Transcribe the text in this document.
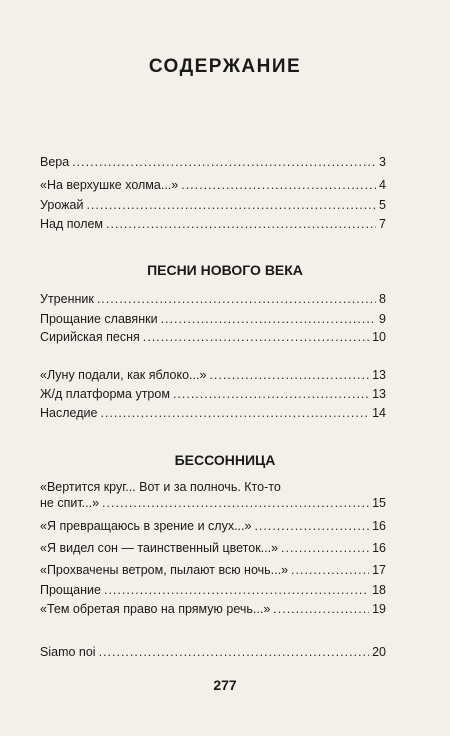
СОДЕРЖАНИЕ
Вера .....	3
«На верхушке холма...» .....	4
Урожай .....	5
Над полем .....	7
ПЕСНИ НОВОГО ВЕКА
Утренник .....	8
Прощание славянки .....	9
Сирийская песня .....	10
«Луну подали, как яблоко...» .....	13
Ж/д платформа утром .....	13
Наследие .....	14
БЕССОННИЦА
«Вертится круг... Вот и за полночь. Кто-то
не спит...» .....	15
«Я превращаюсь в зрение и слух...» .....	16
«Я видел сон — таинственный цветок...» .....	16
«Прохвачены ветром, пылают всю ночь...» .....	17
Прощание .....	18
«Тем обретая право на прямую речь...» .....	19
Siamo noi .....	20
277
